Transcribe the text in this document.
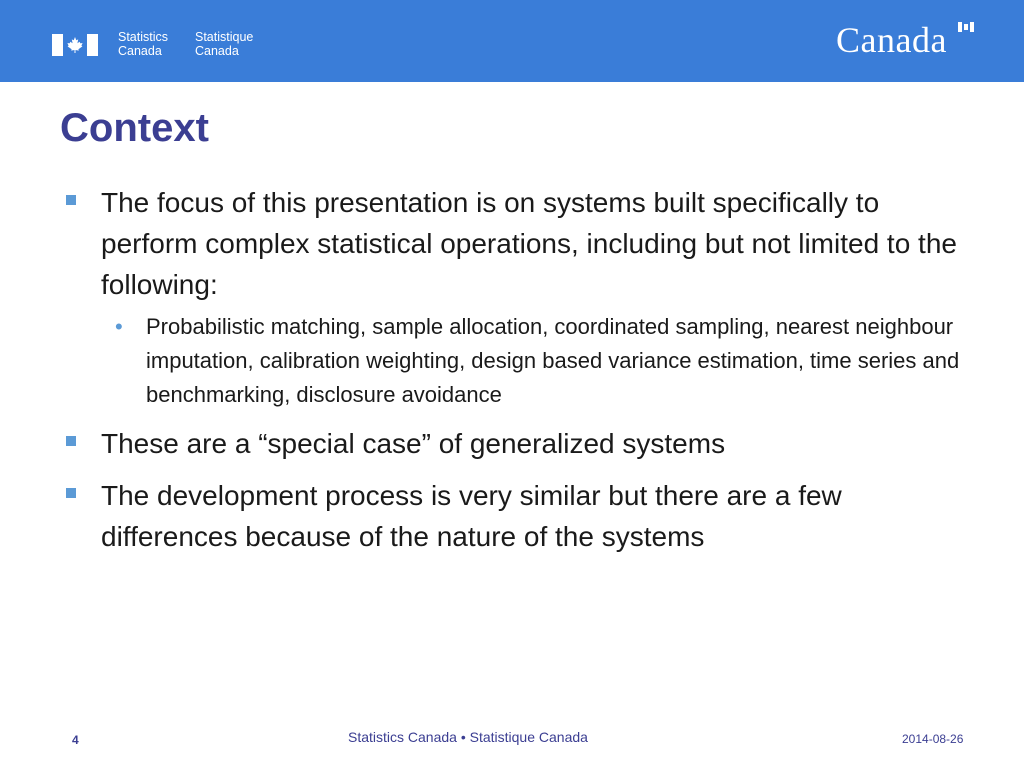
Statistics
Canada
Statistique
Canada	Canada
Context
The focus of this presentation is on systems built specifically to perform complex statistical operations, including but not limited to the following:
• Probabilistic matching, sample allocation, coordinated sampling, nearest neighbour imputation, calibration weighting, design based variance estimation, time series and benchmarking, disclosure avoidance
These are a “special case” of generalized systems
The development process is very similar but there are a few differences because of the nature of the systems
4	Statistics Canada • Statistique Canada	2014-08-26
